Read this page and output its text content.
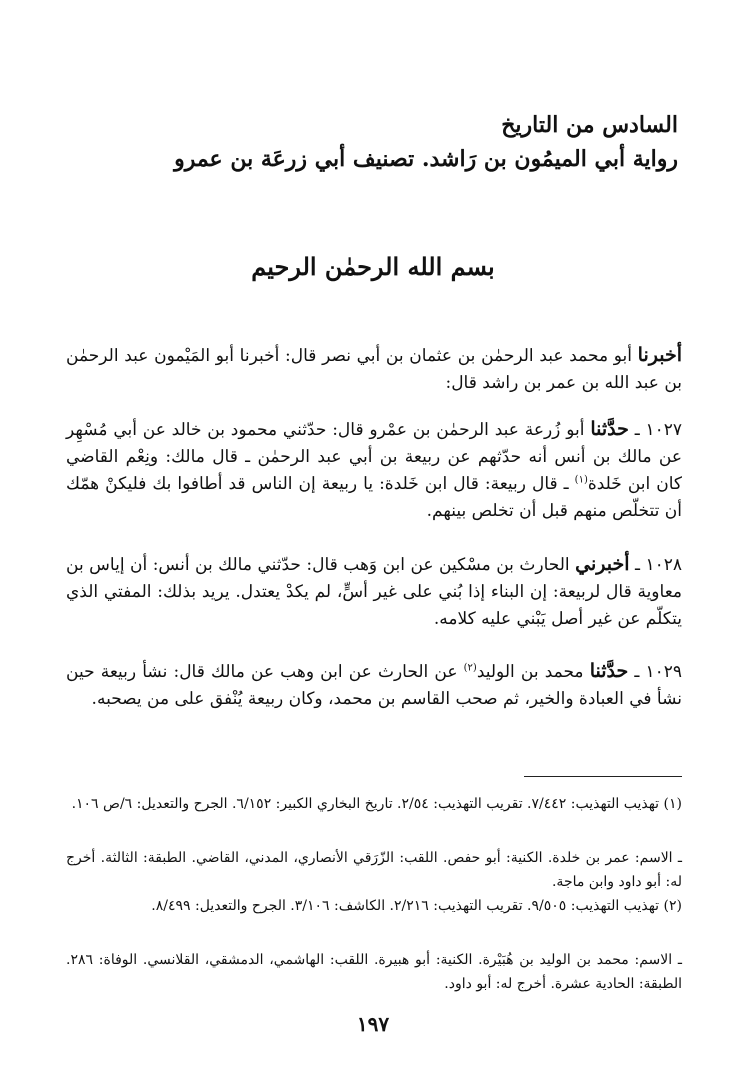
السادس من التاريخ
رواية أبي الميمُون بن رَاشد. تصنيف أبي زرعَة بن عمرو
بسم الله الرحمٰن الرحيم
أخبرنا أبو محمد عبد الرحمٰن بن عثمان بن أبي نصر قال: أخبرنا أبو المَيْمون عبد الرحمٰن بن عبد الله بن عمر بن راشد قال:
١٠٢٧ ـ حدَّثنا أبو زُرعة عبد الرحمٰن بن عمْرو قال: حدّثني محمود بن خالد عن أبي مُسْهِر عن مالك بن أنس أنه حدّثهم عن ربيعة بن أبي عبد الرحمٰن ـ قال مالك: ونِعْم القاضي كان ابن خَلدة$^{(١)}$ ـ قال ربيعة: قال ابن خَلدة: يا ربيعة إن الناس قد أطافوا بك فليكنْ همّك أن تتخلّص منهم قبل أن تخلص بينهم.
١٠٢٨ ـ أخبرني الحارث بن مسْكين عن ابن وَهب قال: حدّثني مالك بن أنس: أن إياس بن معاوية قال لربيعة: إن البناء إذا بُني على غير أسٍّ، لم يكدْ يعتدل. يريد بذلك: المفتي الذي يتكلّم عن غير أصل يَبْني عليه كلامه.
١٠٢٩ ـ حدَّثنا محمد بن الوليد$^{(٢)}$ عن الحارث عن ابن وهب عن مالك قال: نشأ ربيعة حين نشأ في العبادة والخير، ثم صحب القاسم بن محمد، وكان ربيعة يُنْفق على من يصحبه.
(١) تهذيب التهذيب: ٧/٤٤٢. تقريب التهذيب: ٢/٥٤. تاريخ البخاري الكبير: ٦/١٥٢. الجرح والتعديل: ٦/ص ١٠٦.
ـ الاسم: عمر بن خلدة. الكنية: أبو حفص. اللقب: الزّرَقي الأنصاري، المدني، القاضي. الطبقة: الثالثة. أخرج له: أبو داود وابن ماجة.
(٢) تهذيب التهذيب: ٩/٥٠٥. تقريب التهذيب: ٢/٢١٦. الكاشف: ٣/١٠٦. الجرح والتعديل: ٨/٤٩٩.
ـ الاسم: محمد بن الوليد بن هُبَيْرة. الكنية: أبو هبيرة. اللقب: الهاشمي، الدمشقي، القلانسي. الوفاة: ٢٨٦. الطبقة: الحادية عشرة. أخرج له: أبو داود.
١٩٧
